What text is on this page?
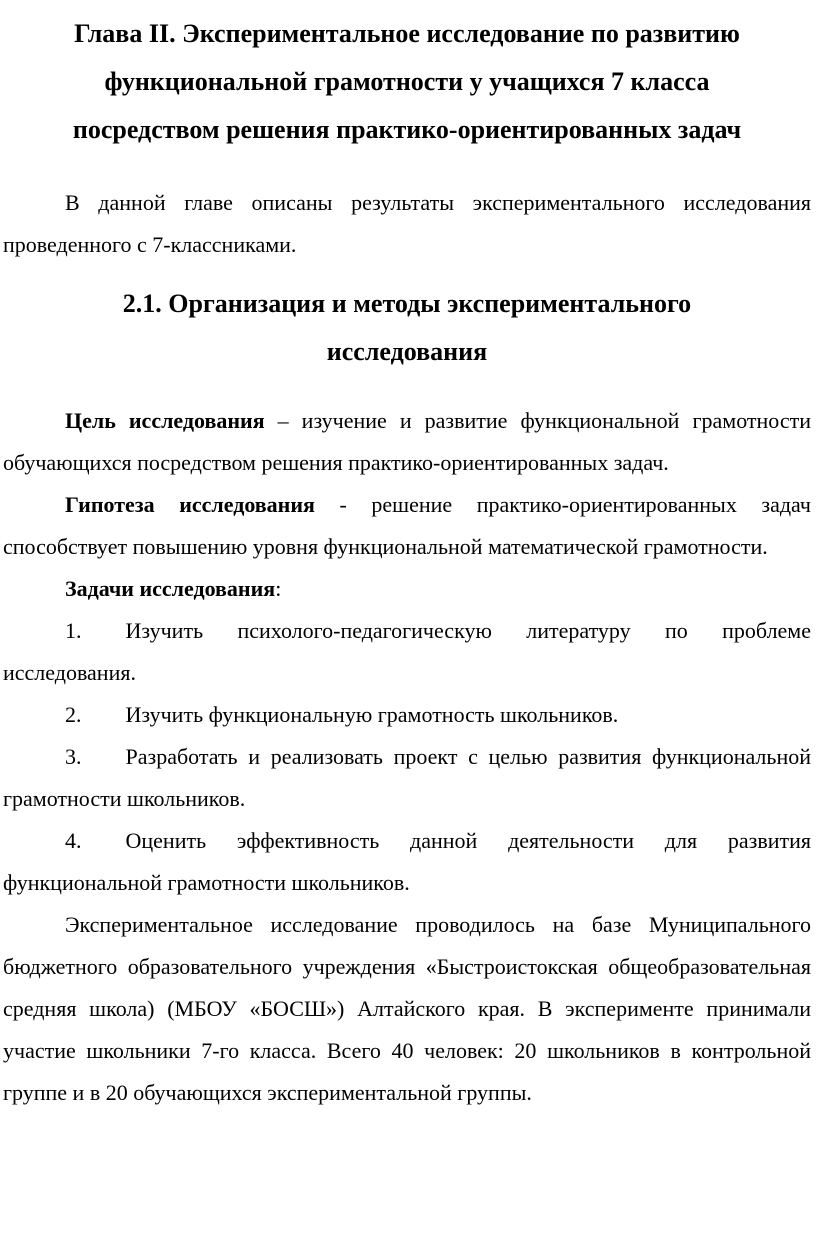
Глава II. Экспериментальное исследование по развитию
функциональной грамотности у учащихся 7 класса
посредством решения практико-ориентированных задач

В данной главе описаны результаты экспериментального исследования проведенного с 7-классниками.

2.1. Организация и методы экспериментального
исследования

Цель исследования – изучение и развитие функциональной грамотности обучающихся посредством решения практико-ориентированных задач.

Гипотеза исследования - решение практико-ориентированных задач способствует повышению уровня функциональной математической грамотности.

Задачи исследования:

1. Изучить психолого-педагогическую литературу по проблеме исследования.

2. Изучить функциональную грамотность школьников.

3. Разработать и реализовать проект с целью развития функциональной грамотности школьников.

4. Оценить эффективность данной деятельности для развития функциональной грамотности школьников.

Экспериментальное исследование проводилось на базе Муниципального бюджетного образовательного учреждения «Быстроистокская общеобразовательная средняя школа) (МБОУ «БОСШ») Алтайского края. В эксперименте принимали участие школьники 7-го класса. Всего 40 человек: 20 школьников в контрольной группе и в 20 обучающихся экспериментальной группы.
